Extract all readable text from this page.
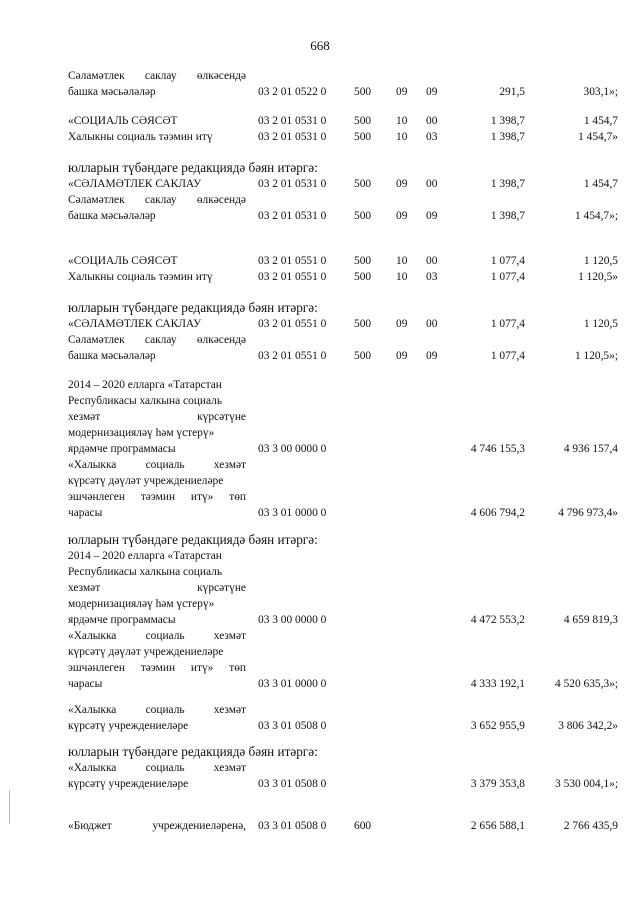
668
Сәламәтлек саклау өлкәсендә
башка мәсьәләләр	03 2 01 0522 0 500 09 09	291,5	303,1»;
«СОЦИАЛЬ СӘЯСӘТ	03 2 01 0531 0 500 10 00	1 398,7	1 454,7
Халыкны социаль тәэмин итү	03 2 01 0531 0 500 10 03	1 398,7	1 454,7»
юлларын түбәндәге редакциядә бәян итәргә:
«СӘЛАМӘТЛЕК САКЛАУ	03 2 01 0531 0 500 09 00	1 398,7	1 454,7
Сәламәтлек саклау өлкәсендә
башка мәсьәләләр	03 2 01 0531 0 500 09 09	1 398,7	1 454,7»;
«СОЦИАЛЬ СӘЯСӘТ	03 2 01 0551 0 500 10 00	1 077,4	1 120,5
Халыкны социаль тәэмин итү	03 2 01 0551 0 500 10 03	1 077,4	1 120,5»
юлларын түбәндәге редакциядә бәян итәргә:
«СӘЛАМӘТЛЕК САКЛАУ	03 2 01 0551 0 500 09 00	1 077,4	1 120,5
Сәламәтлек саклау өлкәсендә
башка мәсьәләләр	03 2 01 0551 0 500 09 09	1 077,4	1 120,5»;
2014 – 2020 елларга «Татарстан
Республикасы халкына социаль
хезмәт күрсәтүне
модернизацияләү һәм үстерү»
ярдәмче программасы	03 3 00 0000 0	4 746 155,3	4 936 157,4
«Халыкка социаль хезмәт
күрсәтү дәүләт учреждениеләре
эшчәнлеген тәэмин итү» төп
чарасы	03 3 01 0000 0	4 606 794,2	4 796 973,4»
юлларын түбәндәге редакциядә бәян итәргә:
2014 – 2020 елларга «Татарстан
Республикасы халкына социаль
хезмәт күрсәтүне
модернизацияләү һәм үстерү»
ярдәмче программасы	03 3 00 0000 0	4 472 553,2	4 659 819,3
«Халыкка социаль хезмәт
күрсәтү дәүләт учреждениеләре
эшчәнлеген тәэмин итү» төп
чарасы	03 3 01 0000 0	4 333 192,1	4 520 635,3»;
«Халыкка социаль хезмәт
күрсәтү учреждениеләре	03 3 01 0508 0	3 652 955,9	3 806 342,2»
юлларын түбәндәге редакциядә бәян итәргә:
«Халыкка социаль хезмәт
күрсәтү учреждениеләре	03 3 01 0508 0	3 379 353,8	3 530 004,1»;
«Бюджет учреждениеләренә, 03 3 01 0508 0 600	2 656 588,1	2 766 435,9
